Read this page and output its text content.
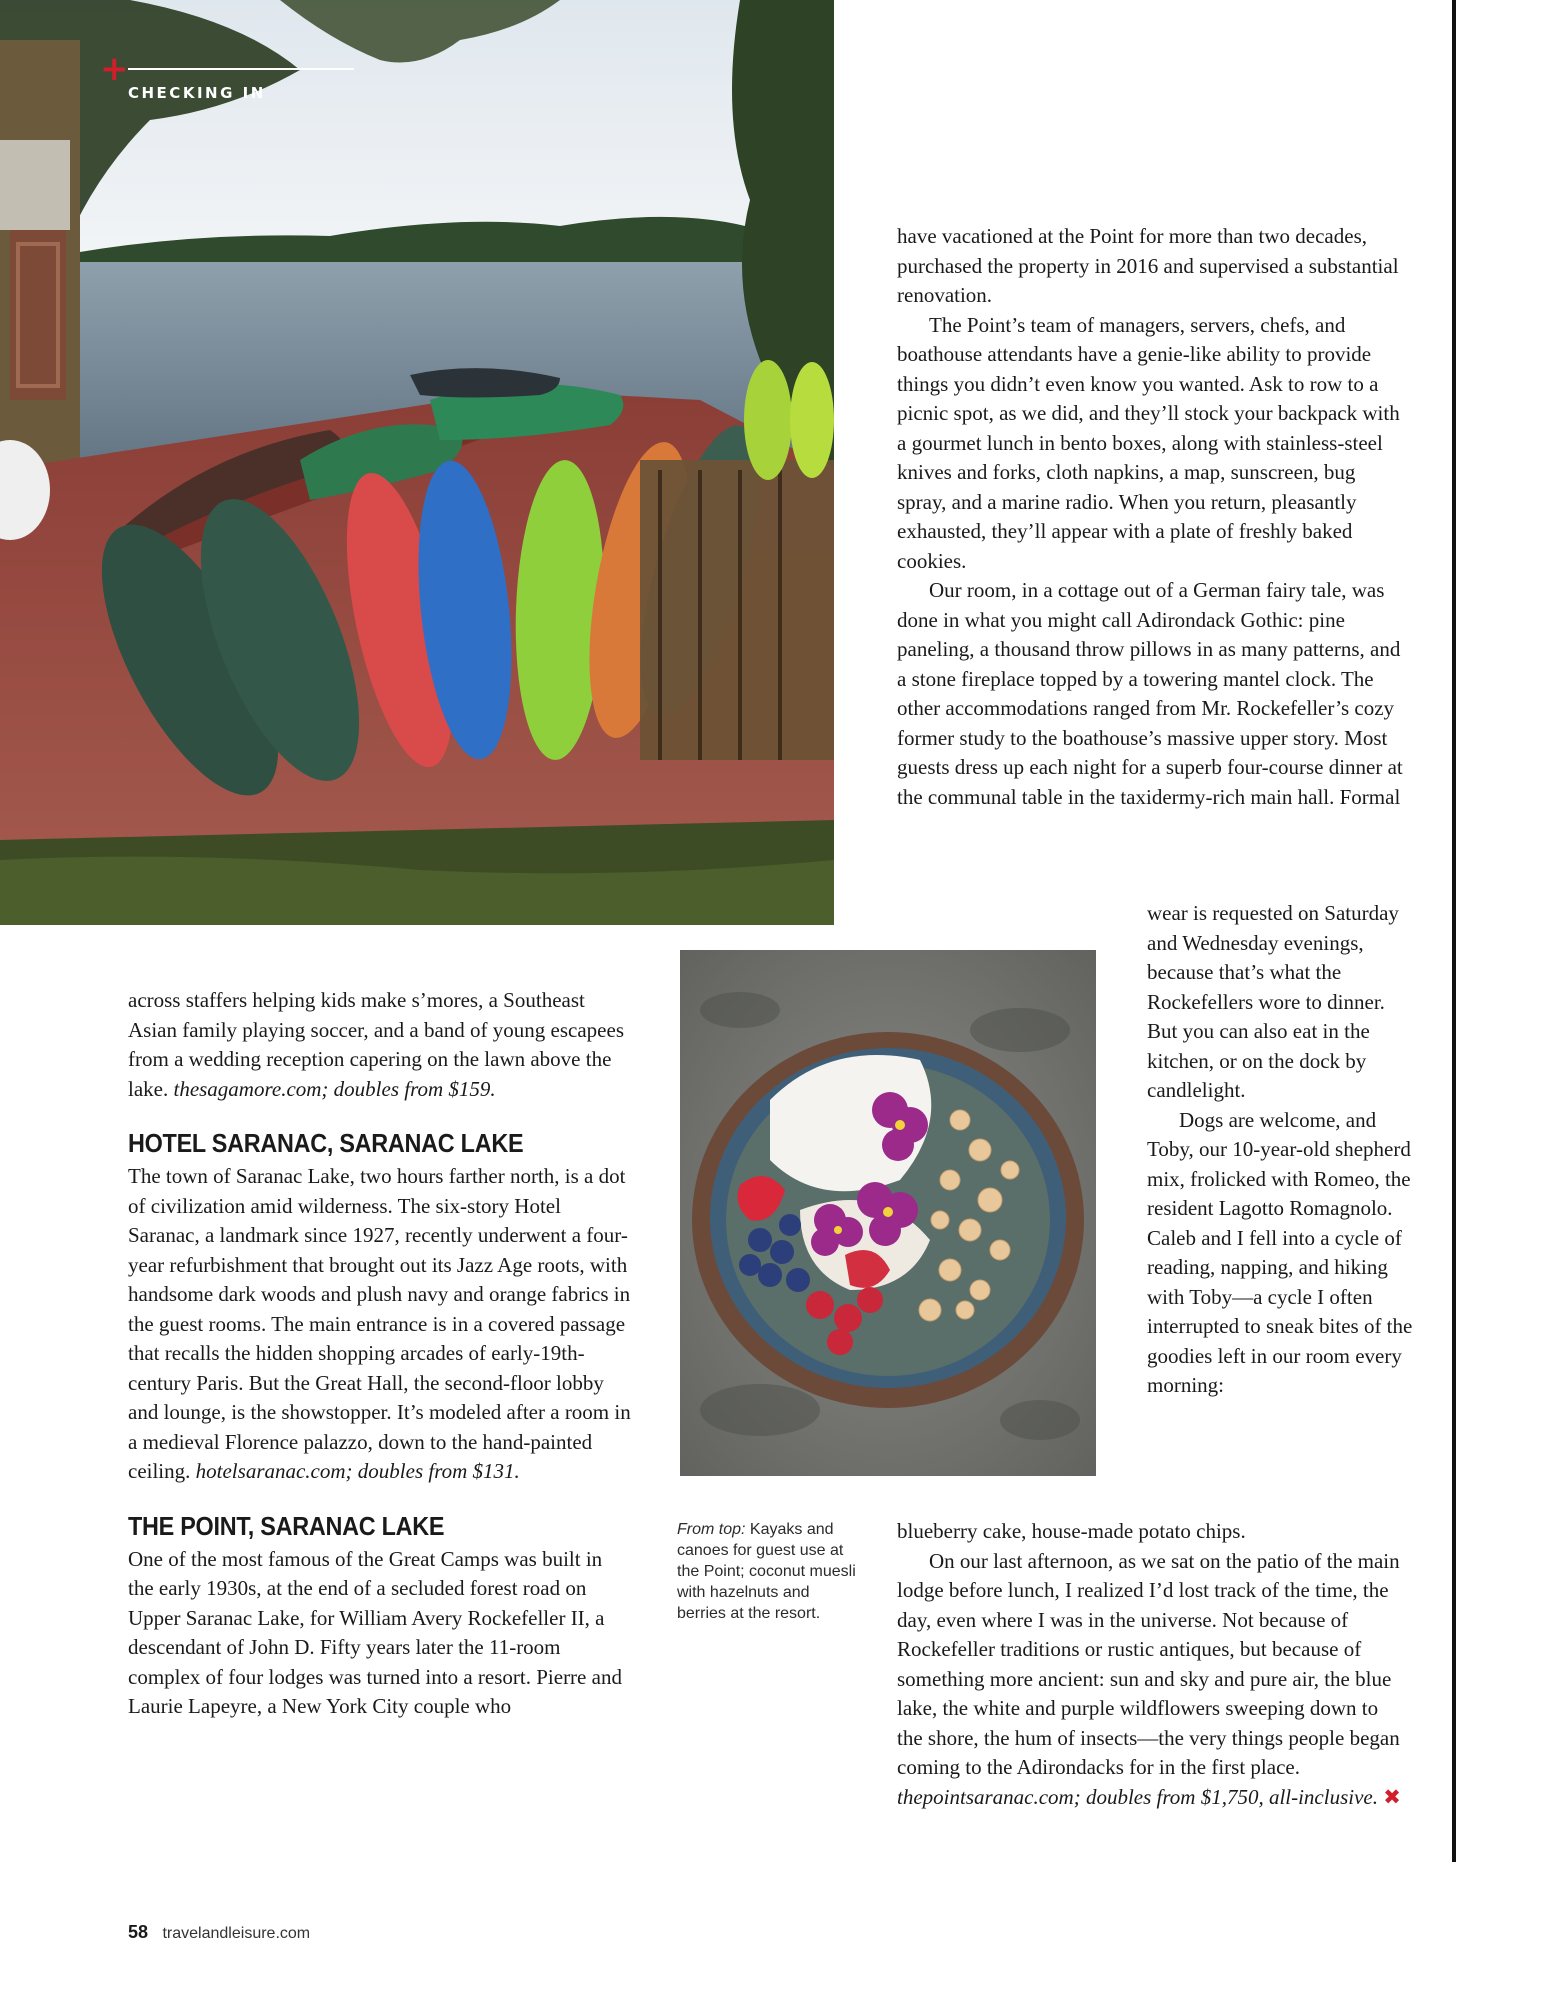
+
CHECKING IN

across staffers helping kids make s’mores, a Southeast Asian family playing soccer, and a band of young escapees from a wedding reception capering on the lawn above the lake. thesagamore.com; doubles from $159.

HOTEL SARANAC, SARANAC LAKE

The town of Saranac Lake, two hours farther north, is a dot of civilization amid wilderness. The six-story Hotel Saranac, a landmark since 1927, recently underwent a four-year refurbishment that brought out its Jazz Age roots, with handsome dark woods and plush navy and orange fabrics in the guest rooms. The main entrance is in a covered passage that recalls the hidden shopping arcades of early-19th-century Paris. But the Great Hall, the second-floor lobby and lounge, is the showstopper. It’s modeled after a room in a medieval Florence palazzo, down to the hand-painted ceiling. hotelsaranac.com; doubles from $131.

THE POINT, SARANAC LAKE

One of the most famous of the Great Camps was built in the early 1930s, at the end of a secluded forest road on Upper Saranac Lake, for William Avery Rockefeller II, a descendant of John D. Fifty years later the 11-room complex of four lodges was turned into a resort. Pierre and Laurie Lapeyre, a New York City couple who

have vacationed at the Point for more than two decades, purchased the property in 2016 and supervised a substantial renovation.

The Point’s team of managers, servers, chefs, and boathouse attendants have a genie-like ability to provide things you didn’t even know you wanted. Ask to row to a picnic spot, as we did, and they’ll stock your backpack with a gourmet lunch in bento boxes, along with stainless-steel knives and forks, cloth napkins, a map, sunscreen, bug spray, and a marine radio. When you return, pleasantly exhausted, they’ll appear with a plate of freshly baked cookies.

Our room, in a cottage out of a German fairy tale, was done in what you might call Adirondack Gothic: pine paneling, a thousand throw pillows in as many patterns, and a stone fireplace topped by a towering mantel clock. The other accommodations ranged from Mr. Rockefeller’s cozy former study to the boathouse’s massive upper story. Most guests dress up each night for a superb four-course dinner at the communal table in the taxidermy-rich main hall. Formal

wear is requested on Saturday and Wednesday evenings, because that’s what the Rockefellers wore to dinner. But you can also eat in the kitchen, or on the dock by candlelight.

Dogs are welcome, and Toby, our 10-year-old shepherd mix, frolicked with Romeo, the resident Lagotto Romagnolo. Caleb and I fell into a cycle of reading, napping, and hiking with Toby—a cycle I often interrupted to sneak bites of the goodies left in our room every morning:

blueberry cake, house-made potato chips.

On our last afternoon, as we sat on the patio of the main lodge before lunch, I realized I’d lost track of the time, the day, even where I was in the universe. Not because of Rockefeller traditions or rustic antiques, but because of something more ancient: sun and sky and pure air, the blue lake, the white and purple wildflowers sweeping down to the shore, the hum of insects—the very things people began coming to the Adirondacks for in the first place. thepointsaranac.com; doubles from $1,750, all-inclusive. ✖

From top: Kayaks and canoes for guest use at the Point; coconut muesli with hazelnuts and berries at the resort.
58 travelandleisure.com
